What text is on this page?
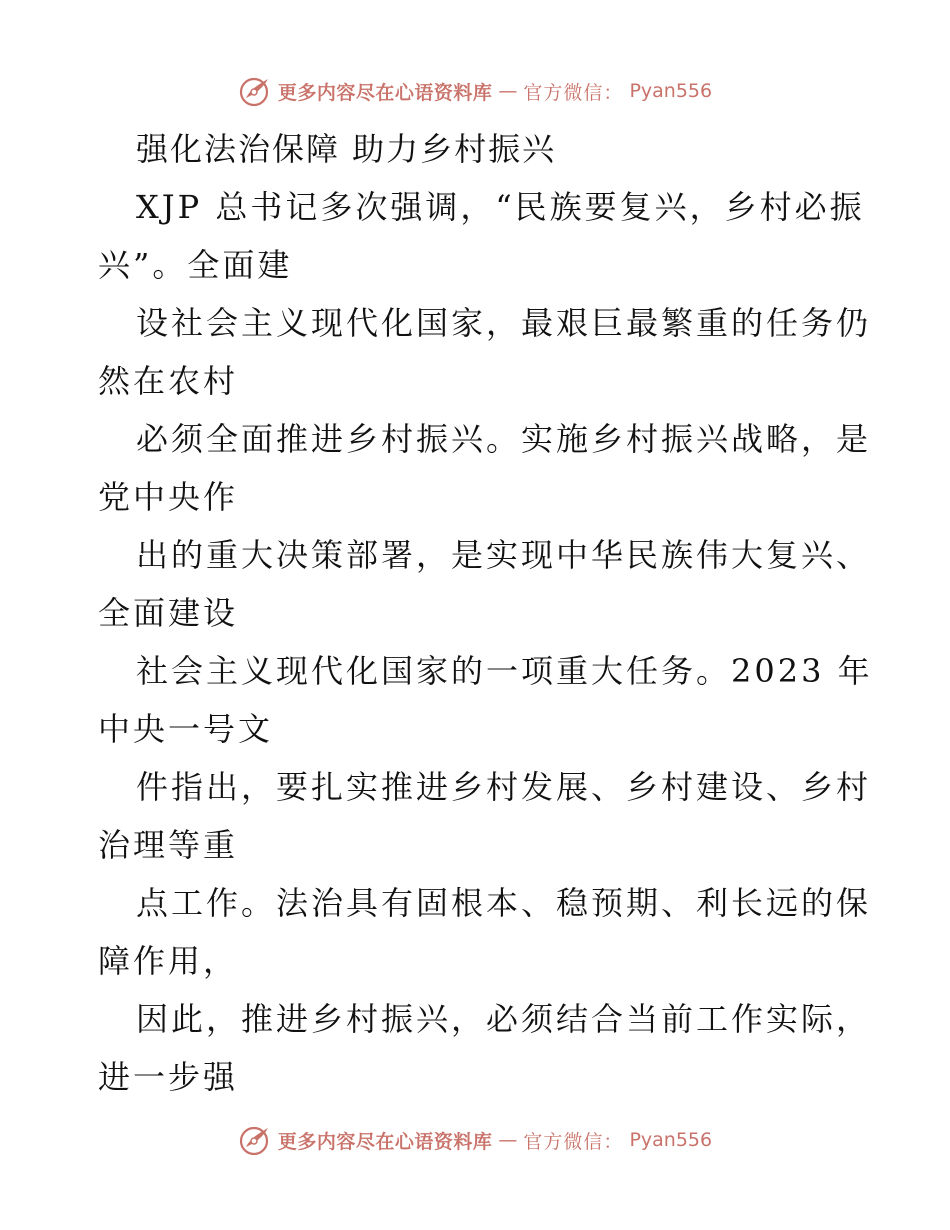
更多内容尽在心语资料库 — 官方微信： Pyan556
强化法治保障 助力乡村振兴
XJP 总书记多次强调，“民族要复兴，乡村必振
兴”。全面建
设社会主义现代化国家，最艰巨最繁重的任务仍
然在农村
必须全面推进乡村振兴。实施乡村振兴战略，是
党中央作
出的重大决策部署，是实现中华民族伟大复兴、
全面建设
社会主义现代化国家的一项重大任务。2023 年
中央一号文
件指出，要扎实推进乡村发展、乡村建设、乡村
治理等重
点工作。法治具有固根本、稳预期、利长远的保
障作用，
因此，推进乡村振兴，必须结合当前工作实际，
进一步强
更多内容尽在心语资料库 — 官方微信： Pyan556
